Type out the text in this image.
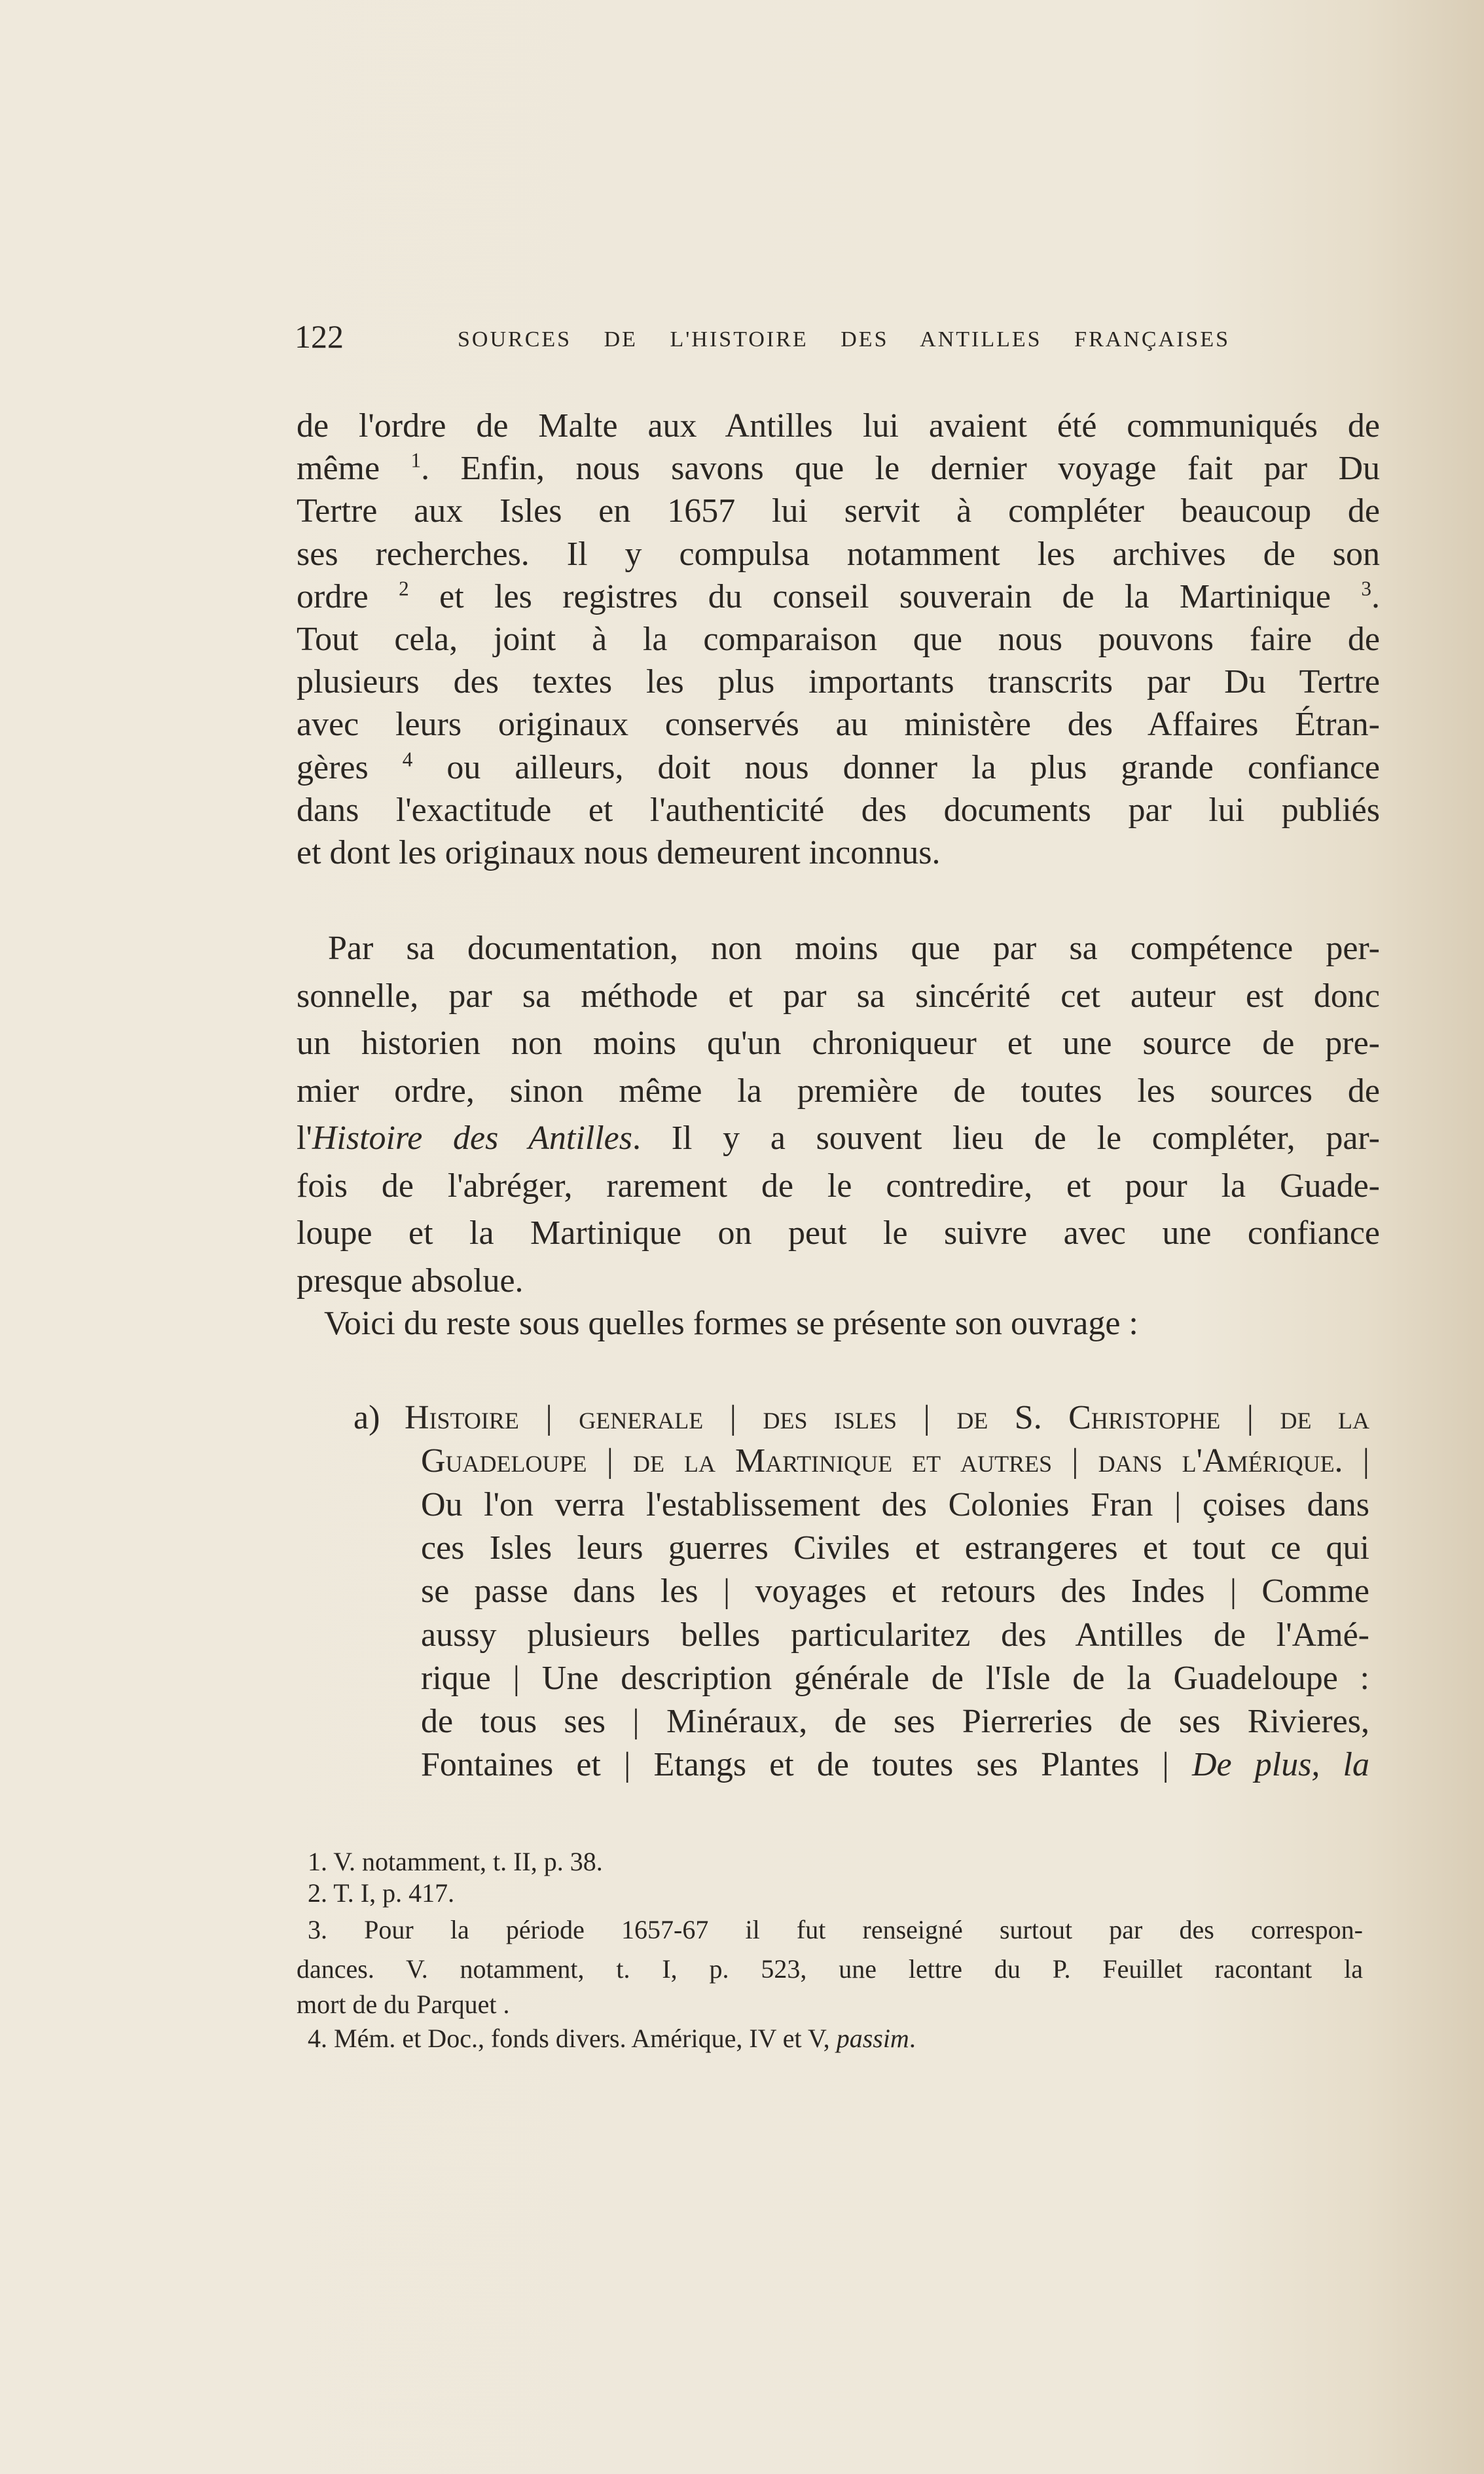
122	SOURCES DE L'HISTOIRE DES ANTILLES FRANÇAISES
a)
de l'ordre de Malte aux Antilles lui avaient été communiqués de
même $^1$. Enfin, nous savons que le dernier voyage fait par Du
Tertre aux Isles en 1657 lui servit à compléter beaucoup de
ses recherches. Il y compulsa notamment les archives de son
ordre $^2$ et les registres du conseil souverain de la Martinique $^3$.
Tout cela, joint à la comparaison que nous pouvons faire de
plusieurs des textes les plus importants transcrits par Du Tertre
avec leurs originaux conservés au ministère des Affaires Étran-
gères $^4$ ou ailleurs, doit nous donner la plus grande confiance
dans l'exactitude et l'authenticité des documents par lui publiés
et dont les originaux nous demeurent inconnus.
Par sa documentation, non moins que par sa compétence per-
sonnelle, par sa méthode et par sa sincérité cet auteur est donc
un historien non moins qu'un chroniqueur et une source de pre-
mier ordre, sinon même la première de toutes les sources de
l'Histoire des Antilles. Il y a souvent lieu de le compléter, par-
fois de l'abréger, rarement de le contredire, et pour la Guade-
loupe et la Martinique on peut le suivre avec une confiance
presque absolue.
Voici du reste sous quelles formes se présente son ouvrage :
Histoire | generale | des isles | de S. Christophe | de la
Guadeloupe | de la Martinique et autres | dans l'Amérique. |
Ou l'on verra l'establissement des Colonies Fran | çoises dans
ces Isles leurs guerres Civiles et estrangeres et tout ce qui
se passe dans les | voyages et retours des Indes | Comme
aussy plusieurs belles particularitez des Antilles de l'Amé-
rique | Une description générale de l'Isle de la Guadeloupe :
de tous ses | Minéraux, de ses Pierreries de ses Rivieres,
Fontaines et | Etangs et de toutes ses Plantes | De plus, la
1. V. notamment, t. II, p. 38.
2. T. I, p. 417.
3. Pour la période 1657-67 il fut renseigné surtout par des correspon-
dances. V. notamment, t. I, p. 523, une lettre du P. Feuillet racontant la
mort de du Parquet .
4. Mém. et Doc., fonds divers. Amérique, IV et V, passim.
